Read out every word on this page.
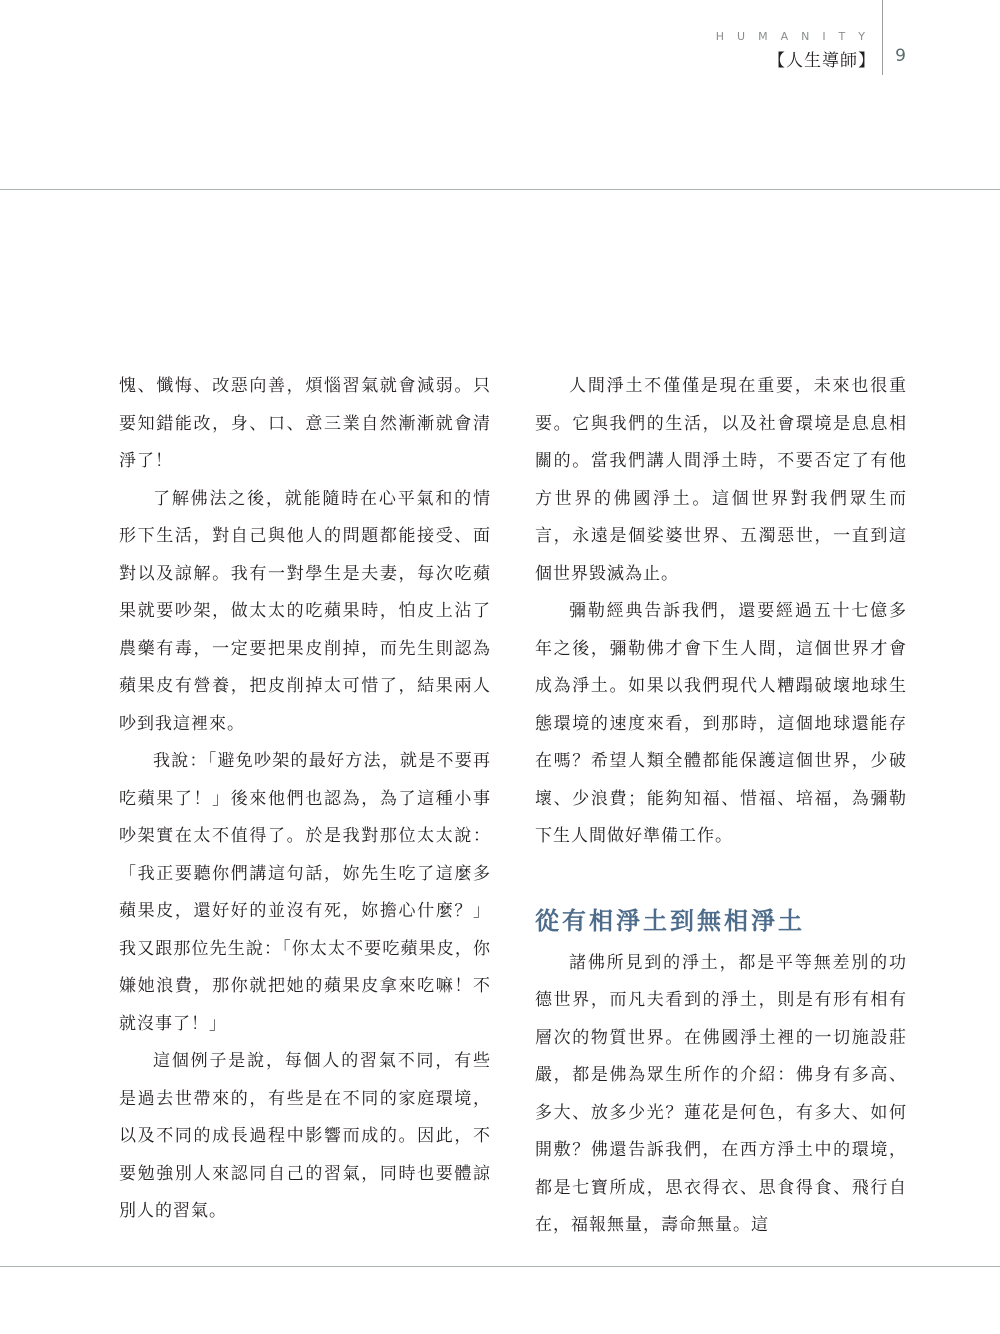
HUMANITY
【人生導師】 9

愧、懺悔、改惡向善，煩惱習氣就會減弱。只要知錯能改，身、口、意三業自然漸漸就會清淨了！

了解佛法之後，就能隨時在心平氣和的情形下生活，對自己與他人的問題都能接受、面對以及諒解。我有一對學生是夫妻，每次吃蘋果就要吵架，做太太的吃蘋果時，怕皮上沾了農藥有毒，一定要把果皮削掉，而先生則認為蘋果皮有營養，把皮削掉太可惜了，結果兩人吵到我這裡來。

我說：「避免吵架的最好方法，就是不要再吃蘋果了！」後來他們也認為，為了這種小事吵架實在太不值得了。於是我對那位太太說：「我正要聽你們講這句話，妳先生吃了這麼多蘋果皮，還好好的並沒有死，妳擔心什麼？」我又跟那位先生說：「你太太不要吃蘋果皮，你嫌她浪費，那你就把她的蘋果皮拿來吃嘛！不就沒事了！」

這個例子是說，每個人的習氣不同，有些是過去世帶來的，有些是在不同的家庭環境，以及不同的成長過程中影響而成的。因此，不要勉強別人來認同自己的習氣，同時也要體諒別人的習氣。

人間淨土不僅僅是現在重要，未來也很重要。它與我們的生活，以及社會環境是息息相關的。當我們講人間淨土時，不要否定了有他方世界的佛國淨土。這個世界對我們眾生而言，永遠是個娑婆世界、五濁惡世，一直到這個世界毀滅為止。

彌勒經典告訴我們，還要經過五十七億多年之後，彌勒佛才會下生人間，這個世界才會成為淨土。如果以我們現代人糟蹋破壞地球生態環境的速度來看，到那時，這個地球還能存在嗎？希望人類全體都能保護這個世界，少破壞、少浪費；能夠知福、惜福、培福，為彌勒下生人間做好準備工作。

從有相淨土到無相淨土

諸佛所見到的淨土，都是平等無差別的功德世界，而凡夫看到的淨土，則是有形有相有層次的物質世界。在佛國淨土裡的一切施設莊嚴，都是佛為眾生所作的介紹：佛身有多高、多大、放多少光？蓮花是何色，有多大、如何開敷？佛還告訴我們，在西方淨土中的環境，都是七寶所成，思衣得衣、思食得食、飛行自在，福報無量，壽命無量。這
